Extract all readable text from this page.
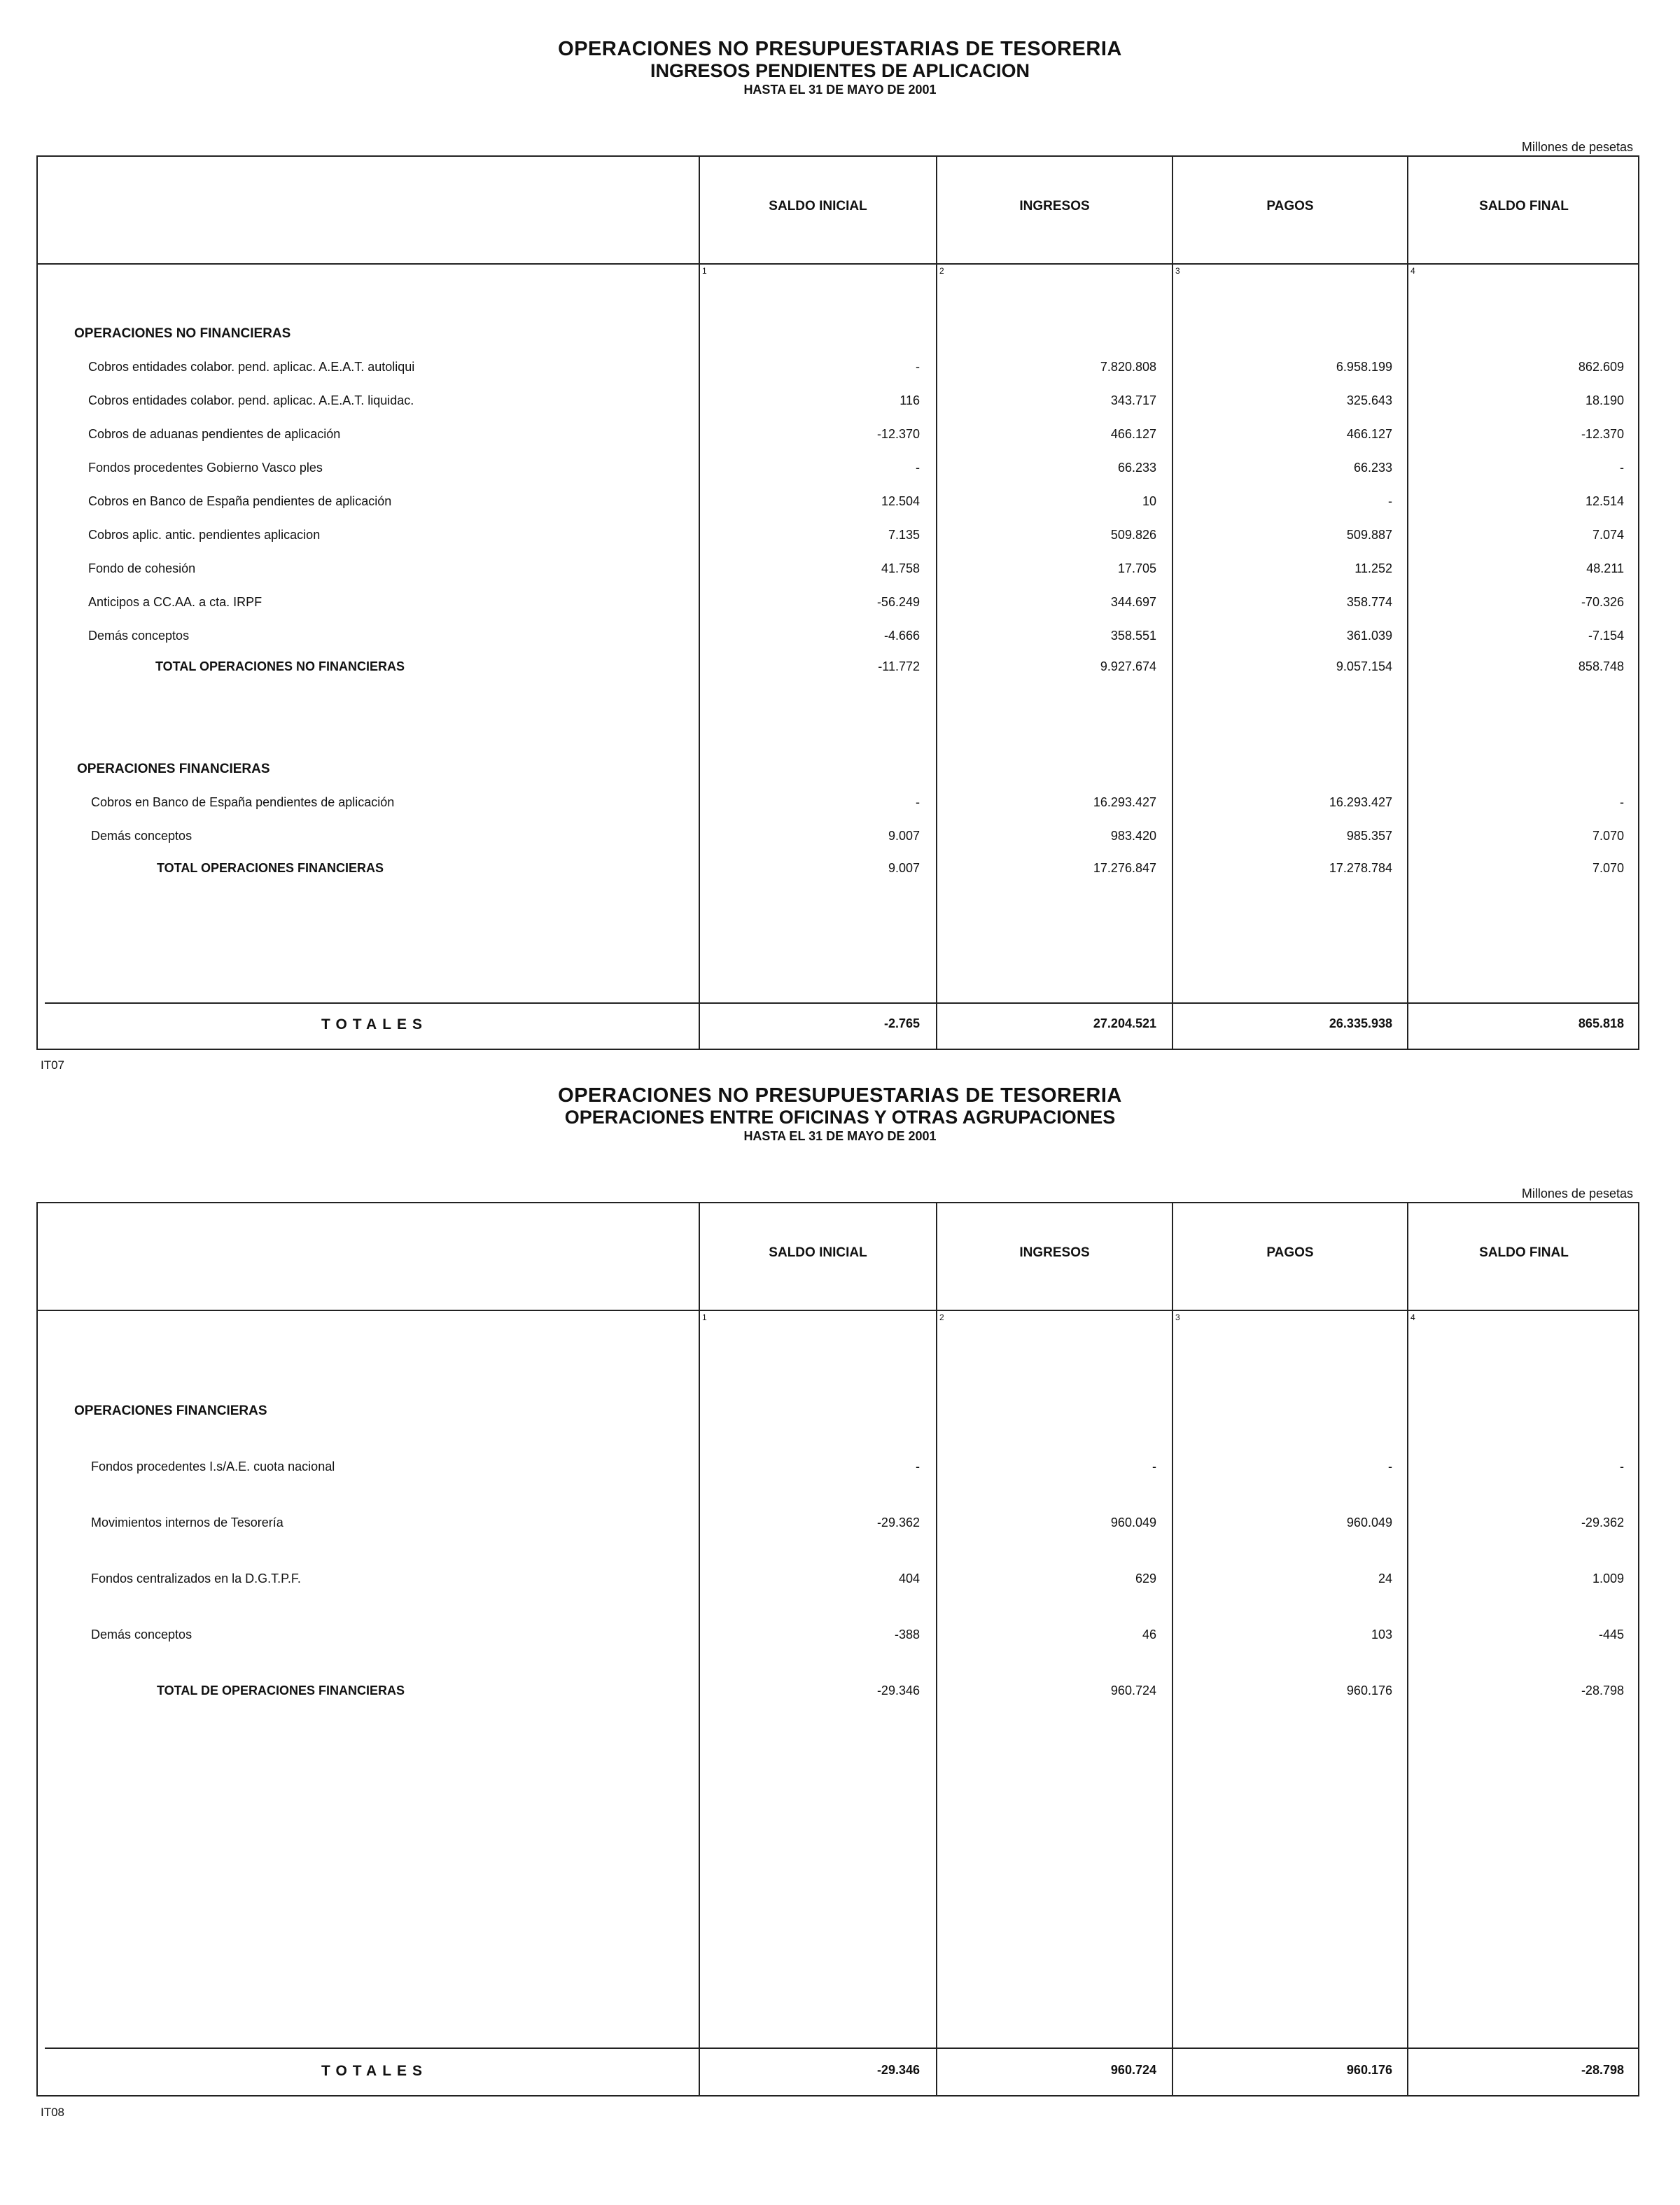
OPERACIONES NO PRESUPUESTARIAS DE TESORERIA
INGRESOS PENDIENTES DE APLICACION
HASTA EL 31 DE MAYO DE 2001
Millones de pesetas
SALDO INICIAL	INGRESOS	PAGOS	SALDO FINAL
1	2	3	4
OPERACIONES NO FINANCIERAS
Cobros entidades colabor. pend. aplicac. A.E.A.T. autoliqui	-	7.820.808	6.958.199	862.609
Cobros entidades colabor. pend. aplicac. A.E.A.T. liquidac.	116	343.717	325.643	18.190
Cobros de aduanas pendientes de aplicación	-12.370	466.127	466.127	-12.370
Fondos procedentes Gobierno Vasco ples	-	66.233	66.233	-
Cobros en Banco de España pendientes de aplicación	12.504	10	-	12.514
Cobros aplic. antic. pendientes aplicacion	7.135	509.826	509.887	7.074
Fondo de cohesión	41.758	17.705	11.252	48.211
Anticipos a CC.AA. a cta. IRPF	-56.249	344.697	358.774	-70.326
Demás conceptos	-4.666	358.551	361.039	-7.154
TOTAL OPERACIONES NO FINANCIERAS	-11.772	9.927.674	9.057.154	858.748
OPERACIONES FINANCIERAS
Cobros en Banco de España pendientes de aplicación	-	16.293.427	16.293.427	-
Demás conceptos	9.007	983.420	985.357	7.070
TOTAL OPERACIONES FINANCIERAS	9.007	17.276.847	17.278.784	7.070
TOTALES	-2.765	27.204.521	26.335.938	865.818
IT07
OPERACIONES NO PRESUPUESTARIAS DE TESORERIA
OPERACIONES ENTRE OFICINAS Y OTRAS AGRUPACIONES
HASTA EL 31 DE MAYO DE 2001
Millones de pesetas
SALDO INICIAL	INGRESOS	PAGOS	SALDO FINAL
1	2	3	4
OPERACIONES FINANCIERAS
Fondos procedentes I.s/A.E. cuota nacional	-	-	-	-
Movimientos internos de Tesorería	-29.362	960.049	960.049	-29.362
Fondos centralizados en la D.G.T.P.F.	404	629	24	1.009
Demás conceptos	-388	46	103	-445
TOTAL DE OPERACIONES FINANCIERAS	-29.346	960.724	960.176	-28.798
TOTALES	-29.346	960.724	960.176	-28.798
IT08
